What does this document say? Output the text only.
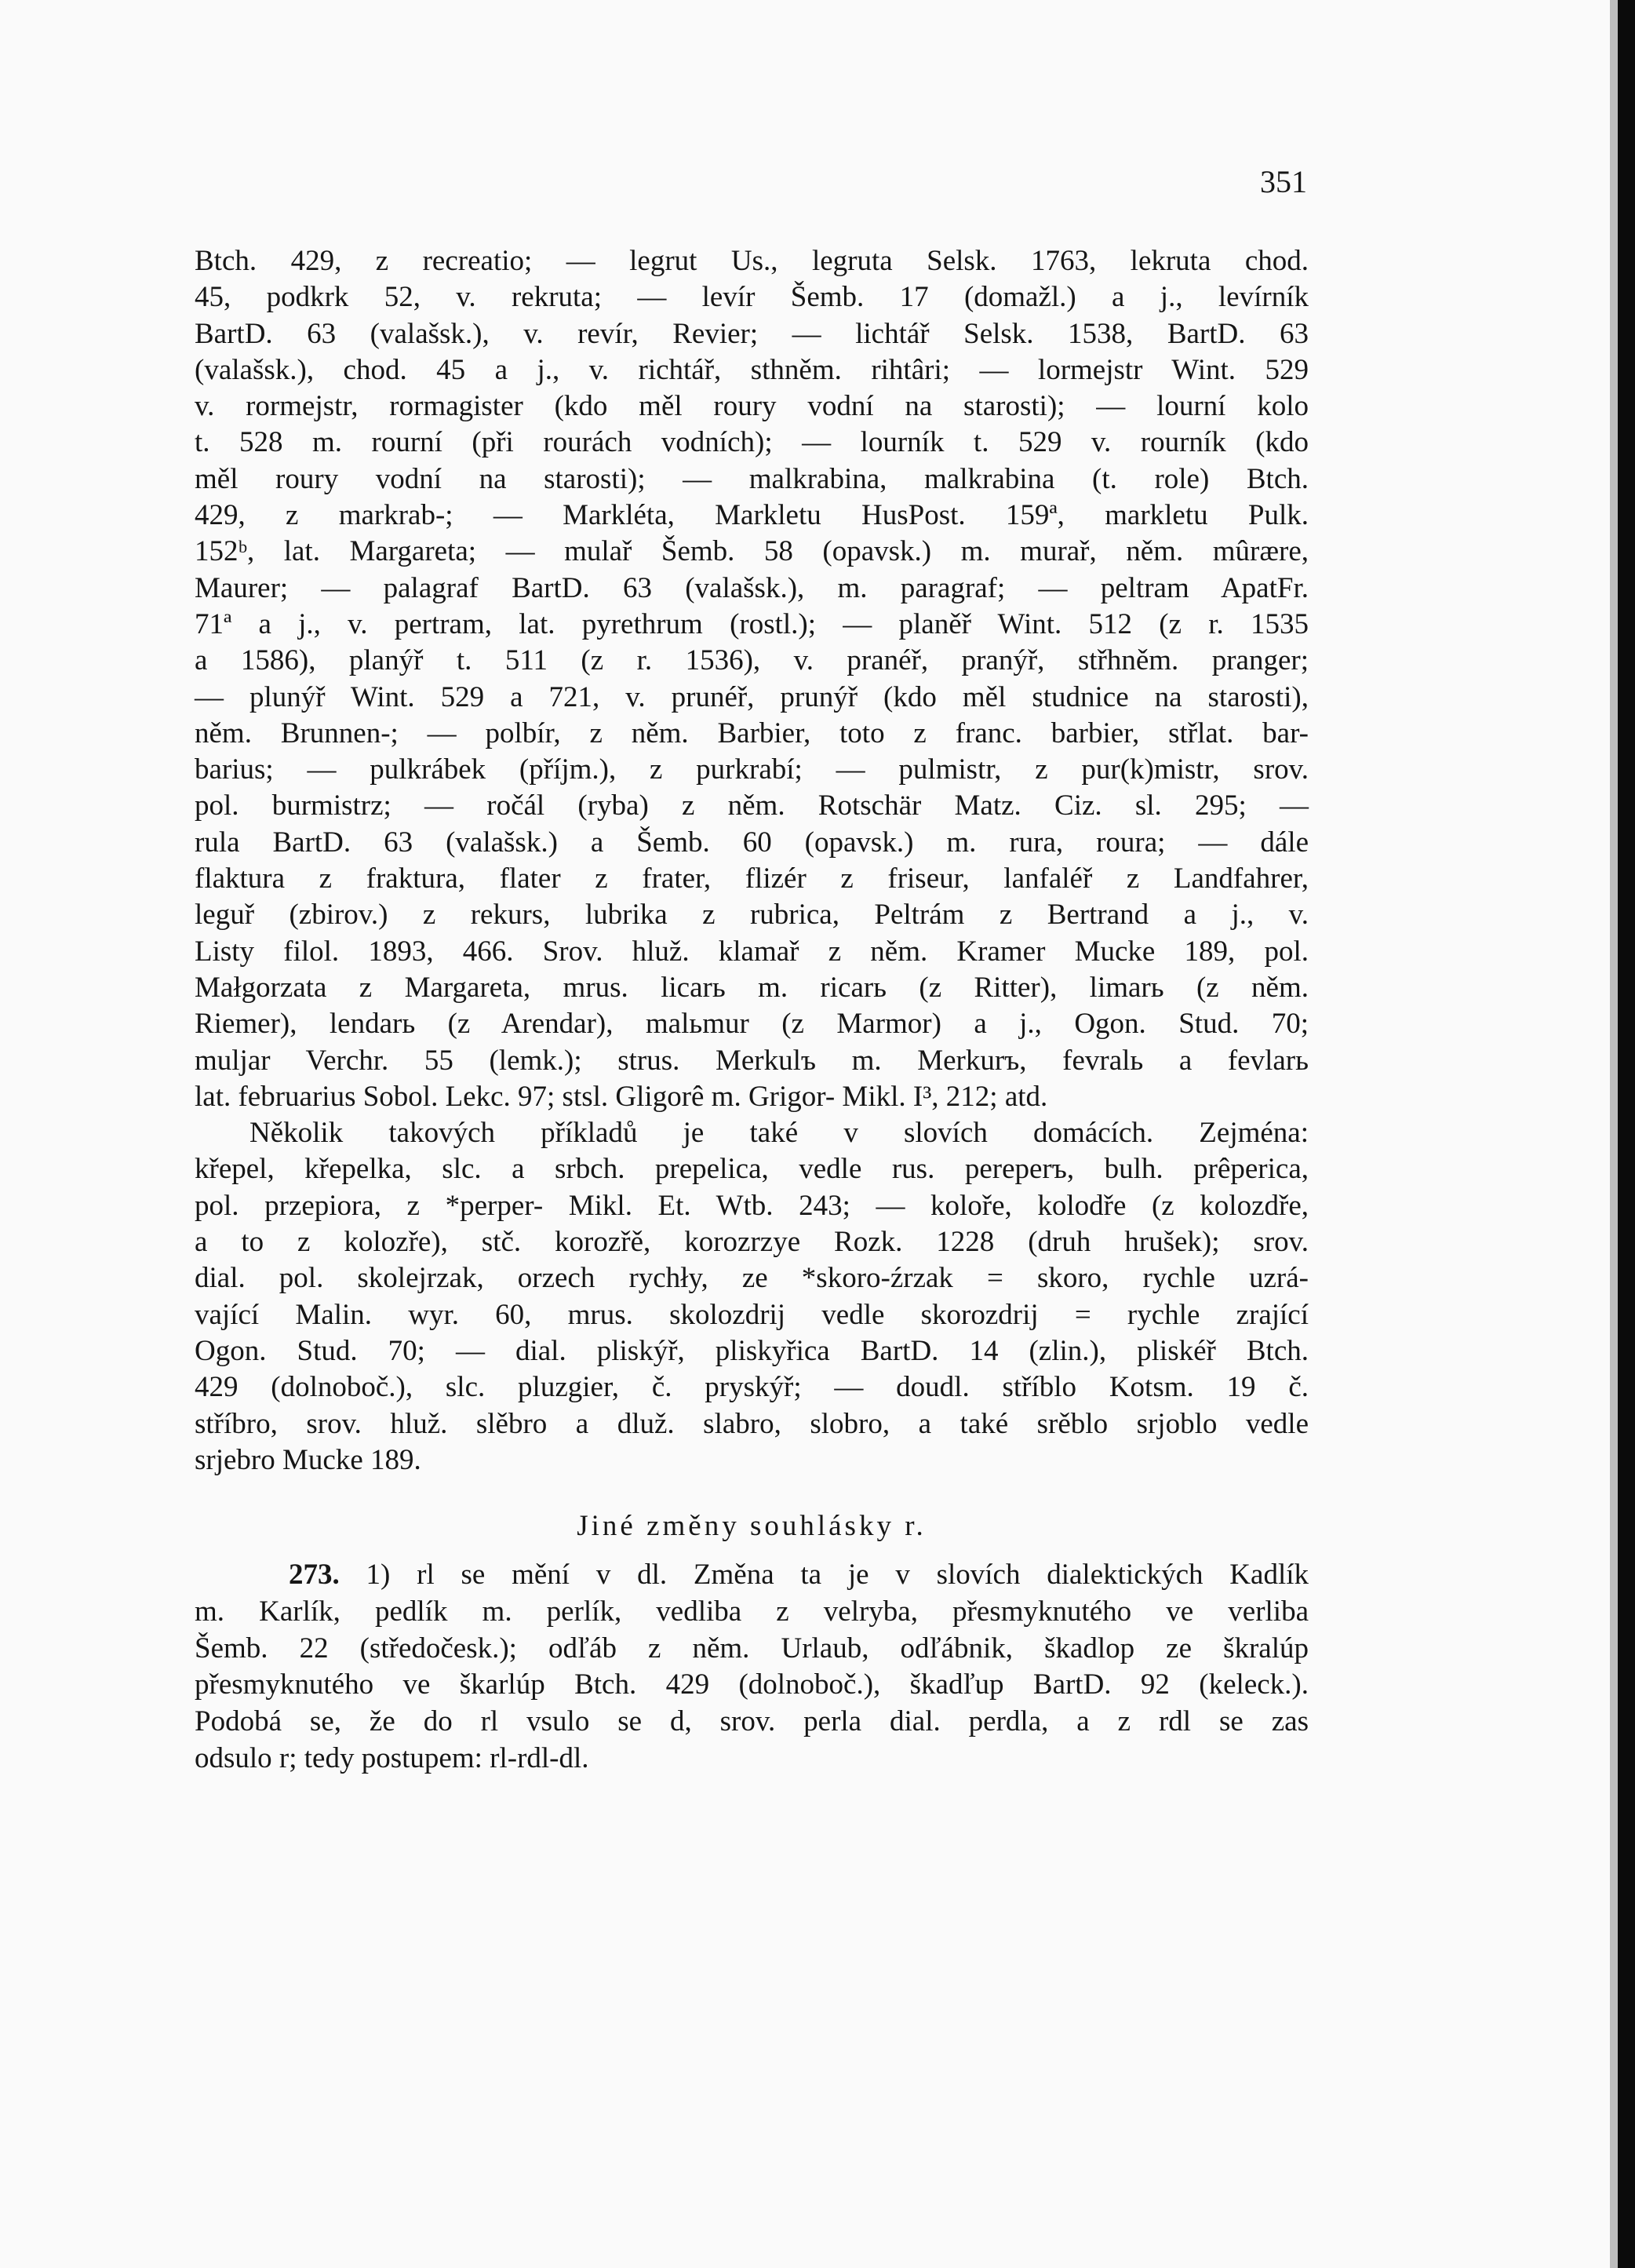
351

Btch. 429, z recreatio; — legrut Us., legruta Selsk. 1763, lekruta chod.
45, podkrk 52, v. rekruta; — levír Šemb. 17 (domažl.) a j., levírník
BartD. 63 (valašsk.), v. revír, Revier; — lichtář Selsk. 1538, BartD. 63
(valašsk.), chod. 45 a j., v. richtář, sthněm. rihtâri; — lormejstr Wint. 529
v. rormejstr, rormagister (kdo měl roury vodní na starosti); — lourní kolo
t. 528 m. rourní (při rourách vodních); — lourník t. 529 v. rourník (kdo
měl roury vodní na starosti); — malkrabina, malkrabina (t. role) Btch.
429, z markrab-; — Markléta, Markletu HusPost. 159ª, markletu Pulk.
152ᵇ, lat. Margareta; — mulař Šemb. 58 (opavsk.) m. murař, něm. mûrære,
Maurer; — palagraf BartD. 63 (valašsk.), m. paragraf; — peltram ApatFr.
71ª a j., v. pertram, lat. pyrethrum (rostl.); — planěř Wint. 512 (z r. 1535
a 1586), planýř t. 511 (z r. 1536), v. pranéř, pranýř, střhněm. pranger;
— plunýř Wint. 529 a 721, v. prunéř, prunýř (kdo měl studnice na starosti),
něm. Brunnen-; — polbír, z něm. Barbier, toto z franc. barbier, střlat. bar-
barius; — pulkrábek (příjm.), z purkrabí; — pulmistr, z pur(k)mistr, srov.
pol. burmistrz; — ročál (ryba) z něm. Rotschär Matz. Ciz. sl. 295; —
rula BartD. 63 (valašsk.) a Šemb. 60 (opavsk.) m. rura, roura; — dále
flaktura z fraktura, flater z frater, flizér z friseur, lanfaléř z Landfahrer,
leguř (zbirov.) z rekurs, lubrika z rubrica, Peltrám z Bertrand a j., v.
Listy filol. 1893, 466. Srov. hluž. klamař z něm. Kramer Mucke 189, pol.
Małgorzata z Margareta, mrus. licarь m. ricarь (z Ritter), limarь (z něm.
Riemer), lendarь (z Arendar), malьmur (z Marmor) a j., Ogon. Stud. 70;
muljar Verchr. 55 (lemk.); strus. Merkulъ m. Merkurъ, fevralь a fevlarь
lat. februarius Sobol. Lekc. 97; stsl. Gligorê m. Grigor- Mikl. I³, 212; atd.

Několik takových příkladů je také v slovích domácích. Zejména:
křepel, křepelka, slc. a srbch. prepelica, vedle rus. pereperъ, bulh. prêperica,
pol. przepiora, z *perper- Mikl. Et. Wtb. 243; — koloře, kolodře (z kolozdře,
a to z kolozře), stč. korozřě, korozrzye Rozk. 1228 (druh hrušek); srov.
dial. pol. skolejrzak, orzech rychły, ze *skoro-źrzak = skoro, rychle uzrá-
vající Malin. wyr. 60, mrus. skolozdrij vedle skorozdrij = rychle zrající
Ogon. Stud. 70; — dial. pliskýř, pliskyřica BartD. 14 (zlin.), pliskéř Btch.
429 (dolnoboč.), slc. pluzgier, č. pryskýř; — doudl. stříblo Kotsm. 19 č.
stříbro, srov. hluž. slěbro a dluž. slabro, slobro, a také srěblo srjoblo vedle
srjebro Mucke 189.

Jiné změny souhlásky r.

273. 1) rl se mění v dl. Změna ta je v slovích dialektických Kadlík
m. Karlík, pedlík m. perlík, vedliba z velryba, přesmyknutého ve verliba
Šemb. 22 (středočesk.); odľáb z něm. Urlaub, odľábnik, škadlop ze škralúp
přesmyknutého ve škarlúp Btch. 429 (dolnoboč.), škadľup BartD. 92 (keleck.).
Podobá se, že do rl vsulo se d, srov. perla dial. perdla, a z rdl se zas
odsulo r; tedy postupem: rl-rdl-dl.
